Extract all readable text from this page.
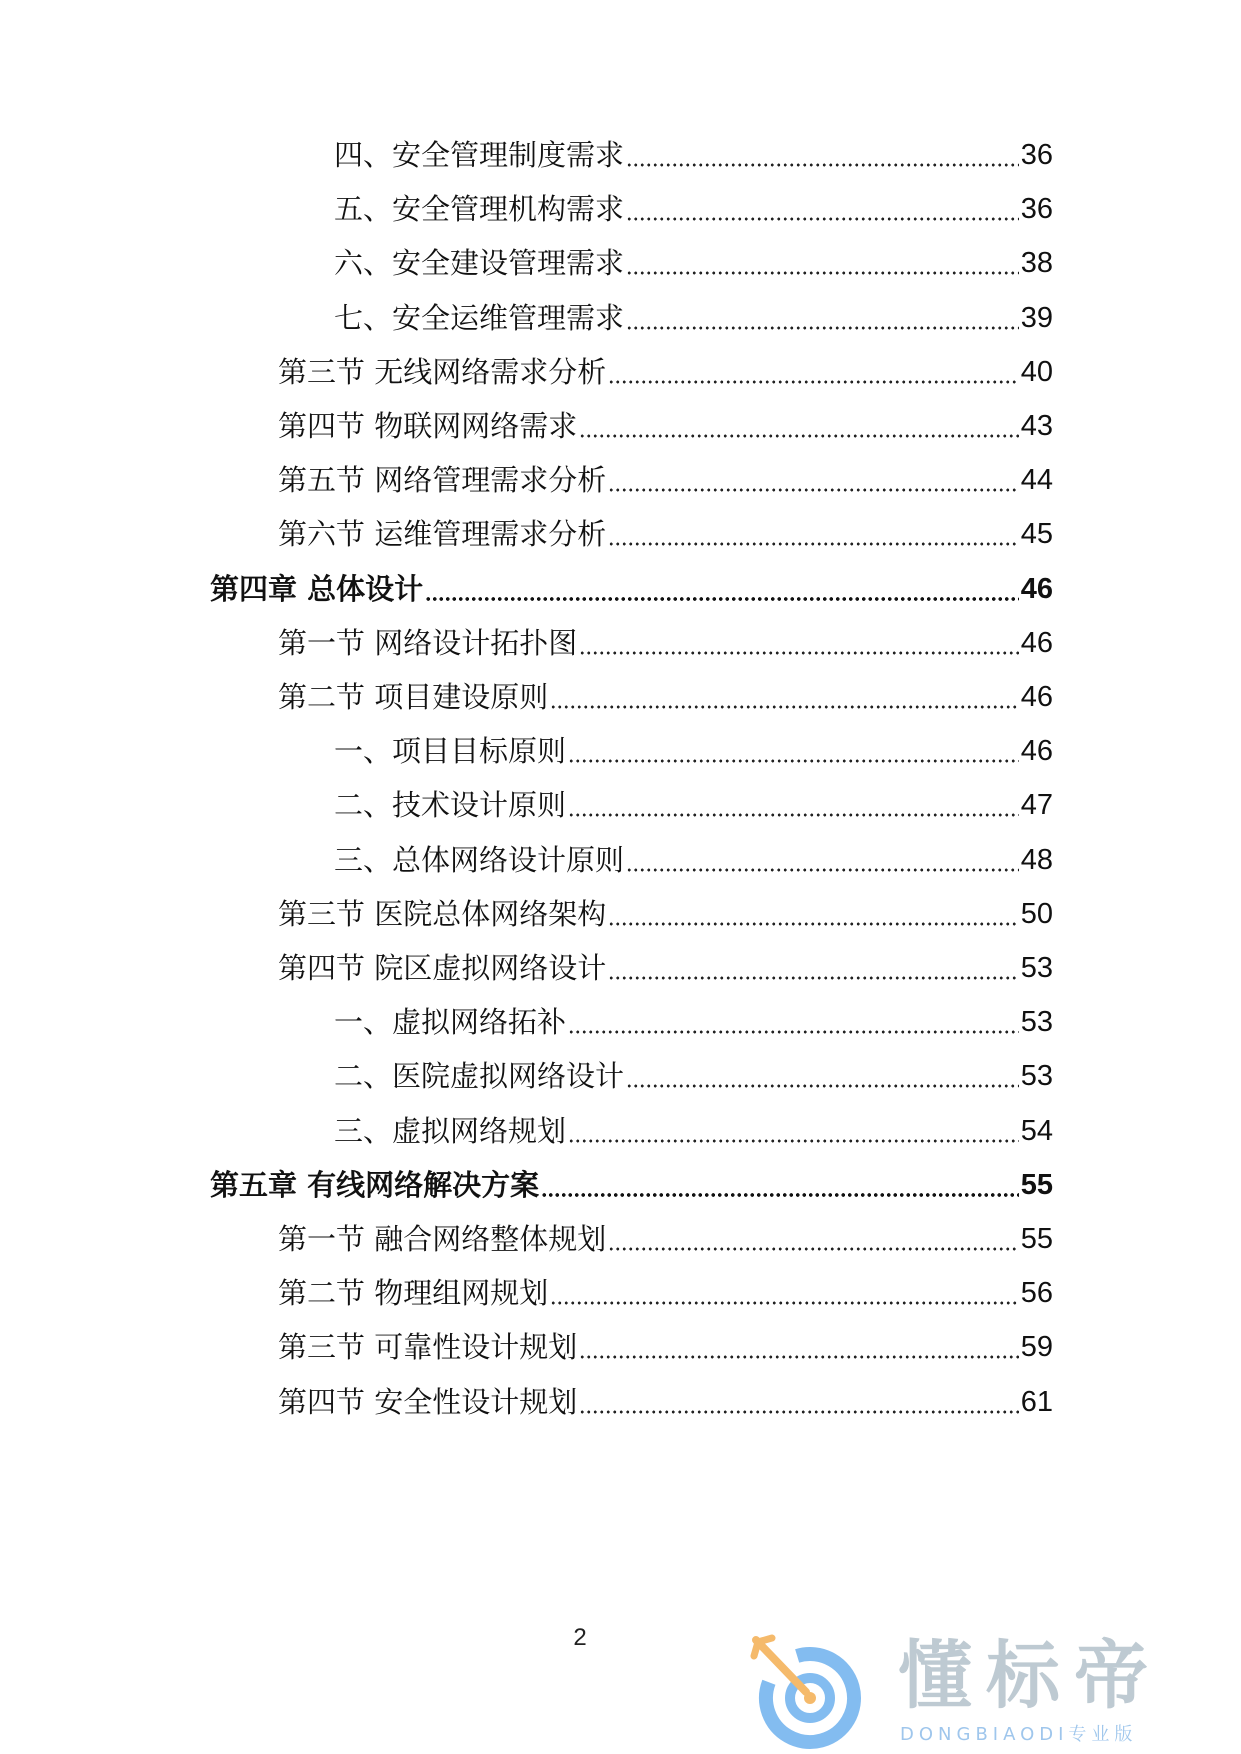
四、安全管理制度需求	36
五、安全管理机构需求	36
六、安全建设管理需求	38
七、安全运维管理需求	39
第三节 无线网络需求分析	40
第四节 物联网网络需求	43
第五节 网络管理需求分析	44
第六节 运维管理需求分析	45
第四章 总体设计	46
第一节 网络设计拓扑图	46
第二节 项目建设原则	46
一、项目目标原则	46
二、技术设计原则	47
三、总体网络设计原则	48
第三节 医院总体网络架构	50
第四节 院区虚拟网络设计	53
一、虚拟网络拓补	53
二、医院虚拟网络设计	53
三、虚拟网络规划	54
第五章 有线网络解决方案	55
第一节 融合网络整体规划	55
第二节 物理组网规划	56
第三节 可靠性设计规划	59
第四节 安全性设计规划	61
2	懂标帝
DONGBIAODI专业版
